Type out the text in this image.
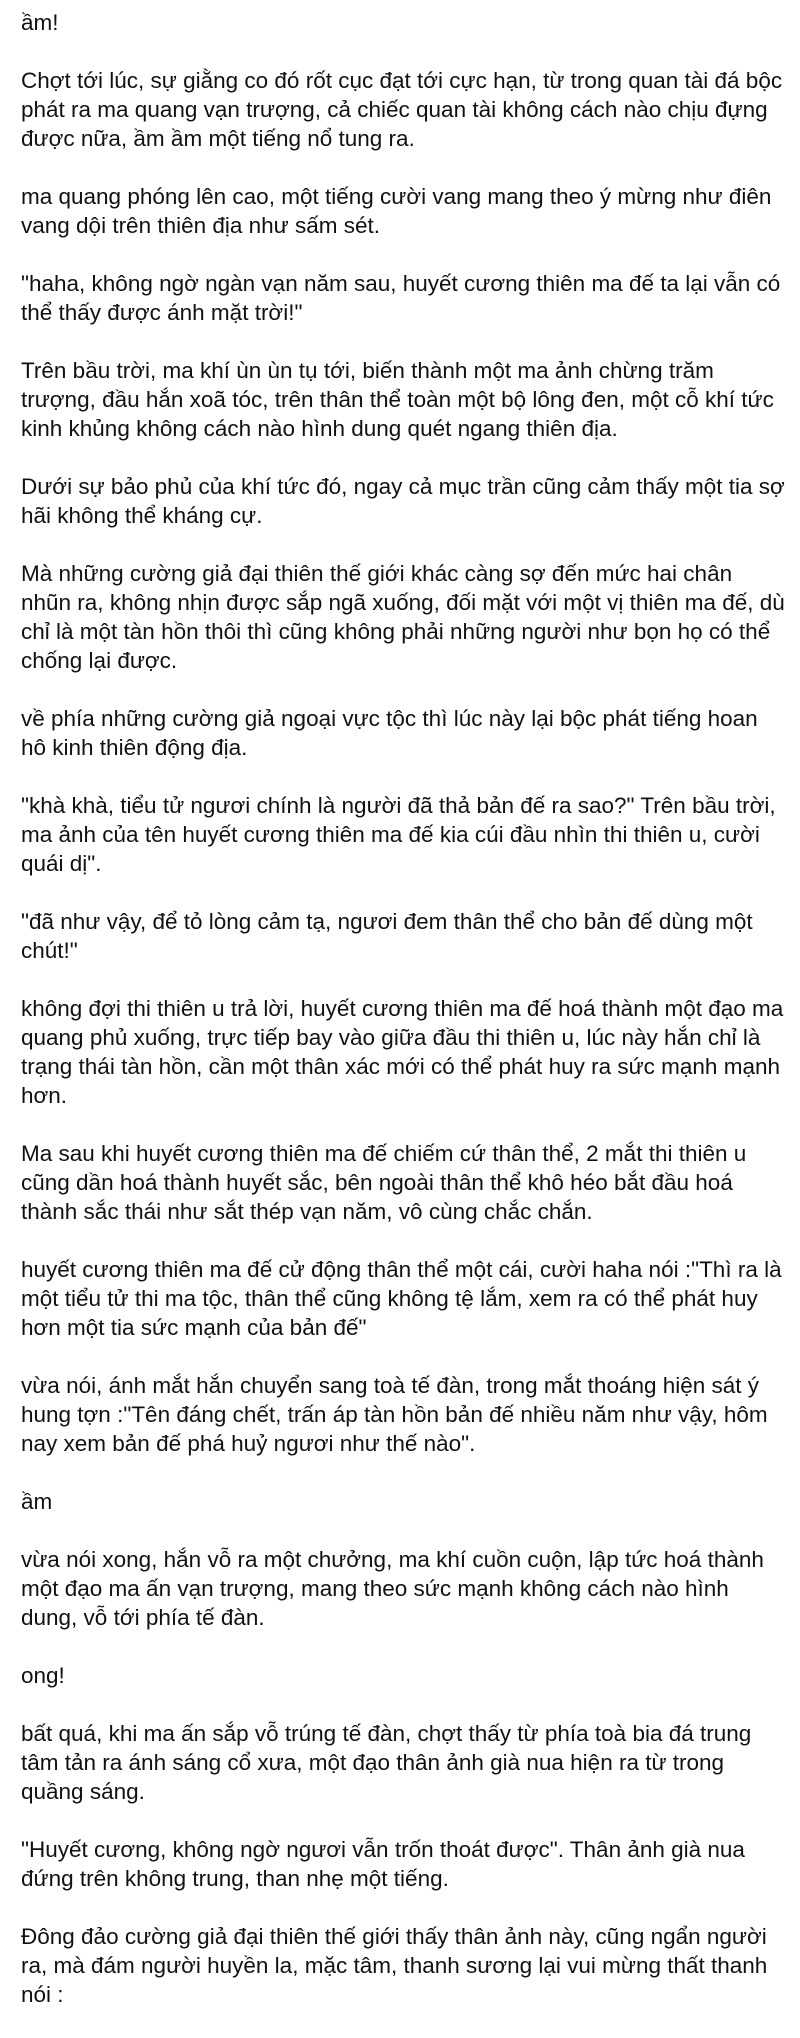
ầm!

Chợt tới lúc, sự giằng co đó rốt cục đạt tới cực hạn, từ trong quan tài đá bộc phát ra ma quang vạn trượng, cả chiếc quan tài không cách nào chịu đựng được nữa, ầm ầm một tiếng nổ tung ra.

ma quang phóng lên cao, một tiếng cười vang mang theo ý mừng như điên vang dội trên thiên địa như sấm sét.

"haha, không ngờ ngàn vạn năm sau, huyết cương thiên ma đế ta lại vẫn có thể thấy được ánh mặt trời!"

Trên bầu trời, ma khí ùn ùn tụ tới, biến thành một ma ảnh chừng trăm trượng, đầu hắn xoã tóc, trên thân thể toàn một bộ lông đen, một cỗ khí tức kinh khủng không cách nào hình dung quét ngang thiên địa.

Dưới sự bảo phủ của khí tức đó, ngay cả mục trần cũng cảm thấy một tia sợ hãi không thể kháng cự.

Mà những cường giả đại thiên thế giới khác càng sợ đến mức hai chân nhũn ra, không nhịn được sắp ngã xuống, đối mặt với một vị thiên ma đế, dù chỉ là một tàn hồn thôi thì cũng không phải những người như bọn họ có thể chống lại được.

về phía những cường giả ngoại vực tộc thì lúc này lại bộc phát tiếng hoan hô kinh thiên động địa.

"khà khà, tiểu tử ngươi chính là người đã thả bản đế ra sao?" Trên bầu trời, ma ảnh của tên huyết cương thiên ma đế kia cúi đầu nhìn thi thiên u, cười quái dị".

"đã như vậy, để tỏ lòng cảm tạ, ngươi đem thân thể cho bản đế dùng một chút!"

không đợi thi thiên u trả lời, huyết cương thiên ma đế hoá thành một đạo ma quang phủ xuống, trực tiếp bay vào giữa đầu thi thiên u, lúc này hắn chỉ là trạng thái tàn hồn, cần một thân xác mới có thể phát huy ra sức mạnh mạnh hơn.

Ma sau khi huyết cương thiên ma đế chiếm cứ thân thể, 2 mắt thi thiên u cũng dần hoá thành huyết sắc, bên ngoài thân thể khô héo bắt đầu hoá thành sắc thái như sắt thép vạn năm, vô cùng chắc chắn.

huyết cương thiên ma đế cử động thân thể một cái, cười haha nói :"Thì ra là một tiểu tử thi ma tộc, thân thể cũng không tệ lắm, xem ra có thể phát huy hơn một tia sức mạnh của bản đế"

vừa nói, ánh mắt hắn chuyển sang toà tế đàn, trong mắt thoáng hiện sát ý hung tợn :"Tên đáng chết, trấn áp tàn hồn bản đế nhiều năm như vậy, hôm nay xem bản đế phá huỷ ngươi như thế nào".

ầm

vừa nói xong, hắn vỗ ra một chưởng, ma khí cuồn cuộn, lập tức hoá thành một đạo ma ấn vạn trượng, mang theo sức mạnh không cách nào hình dung, vỗ tới phía tế đàn.

ong!

bất quá, khi ma ấn sắp vỗ trúng tế đàn, chợt thấy từ phía toà bia đá trung tâm tản ra ánh sáng cổ xưa, một đạo thân ảnh già nua hiện ra từ trong quầng sáng.

"Huyết cương, không ngờ ngươi vẫn trốn thoát được". Thân ảnh già nua đứng trên không trung, than nhẹ một tiếng.

Đông đảo cường giả đại thiên thế giới thấy thân ảnh này, cũng ngẩn người ra, mà đám người huyền la, mặc tâm, thanh sương lại vui mừng thất thanh nói :
